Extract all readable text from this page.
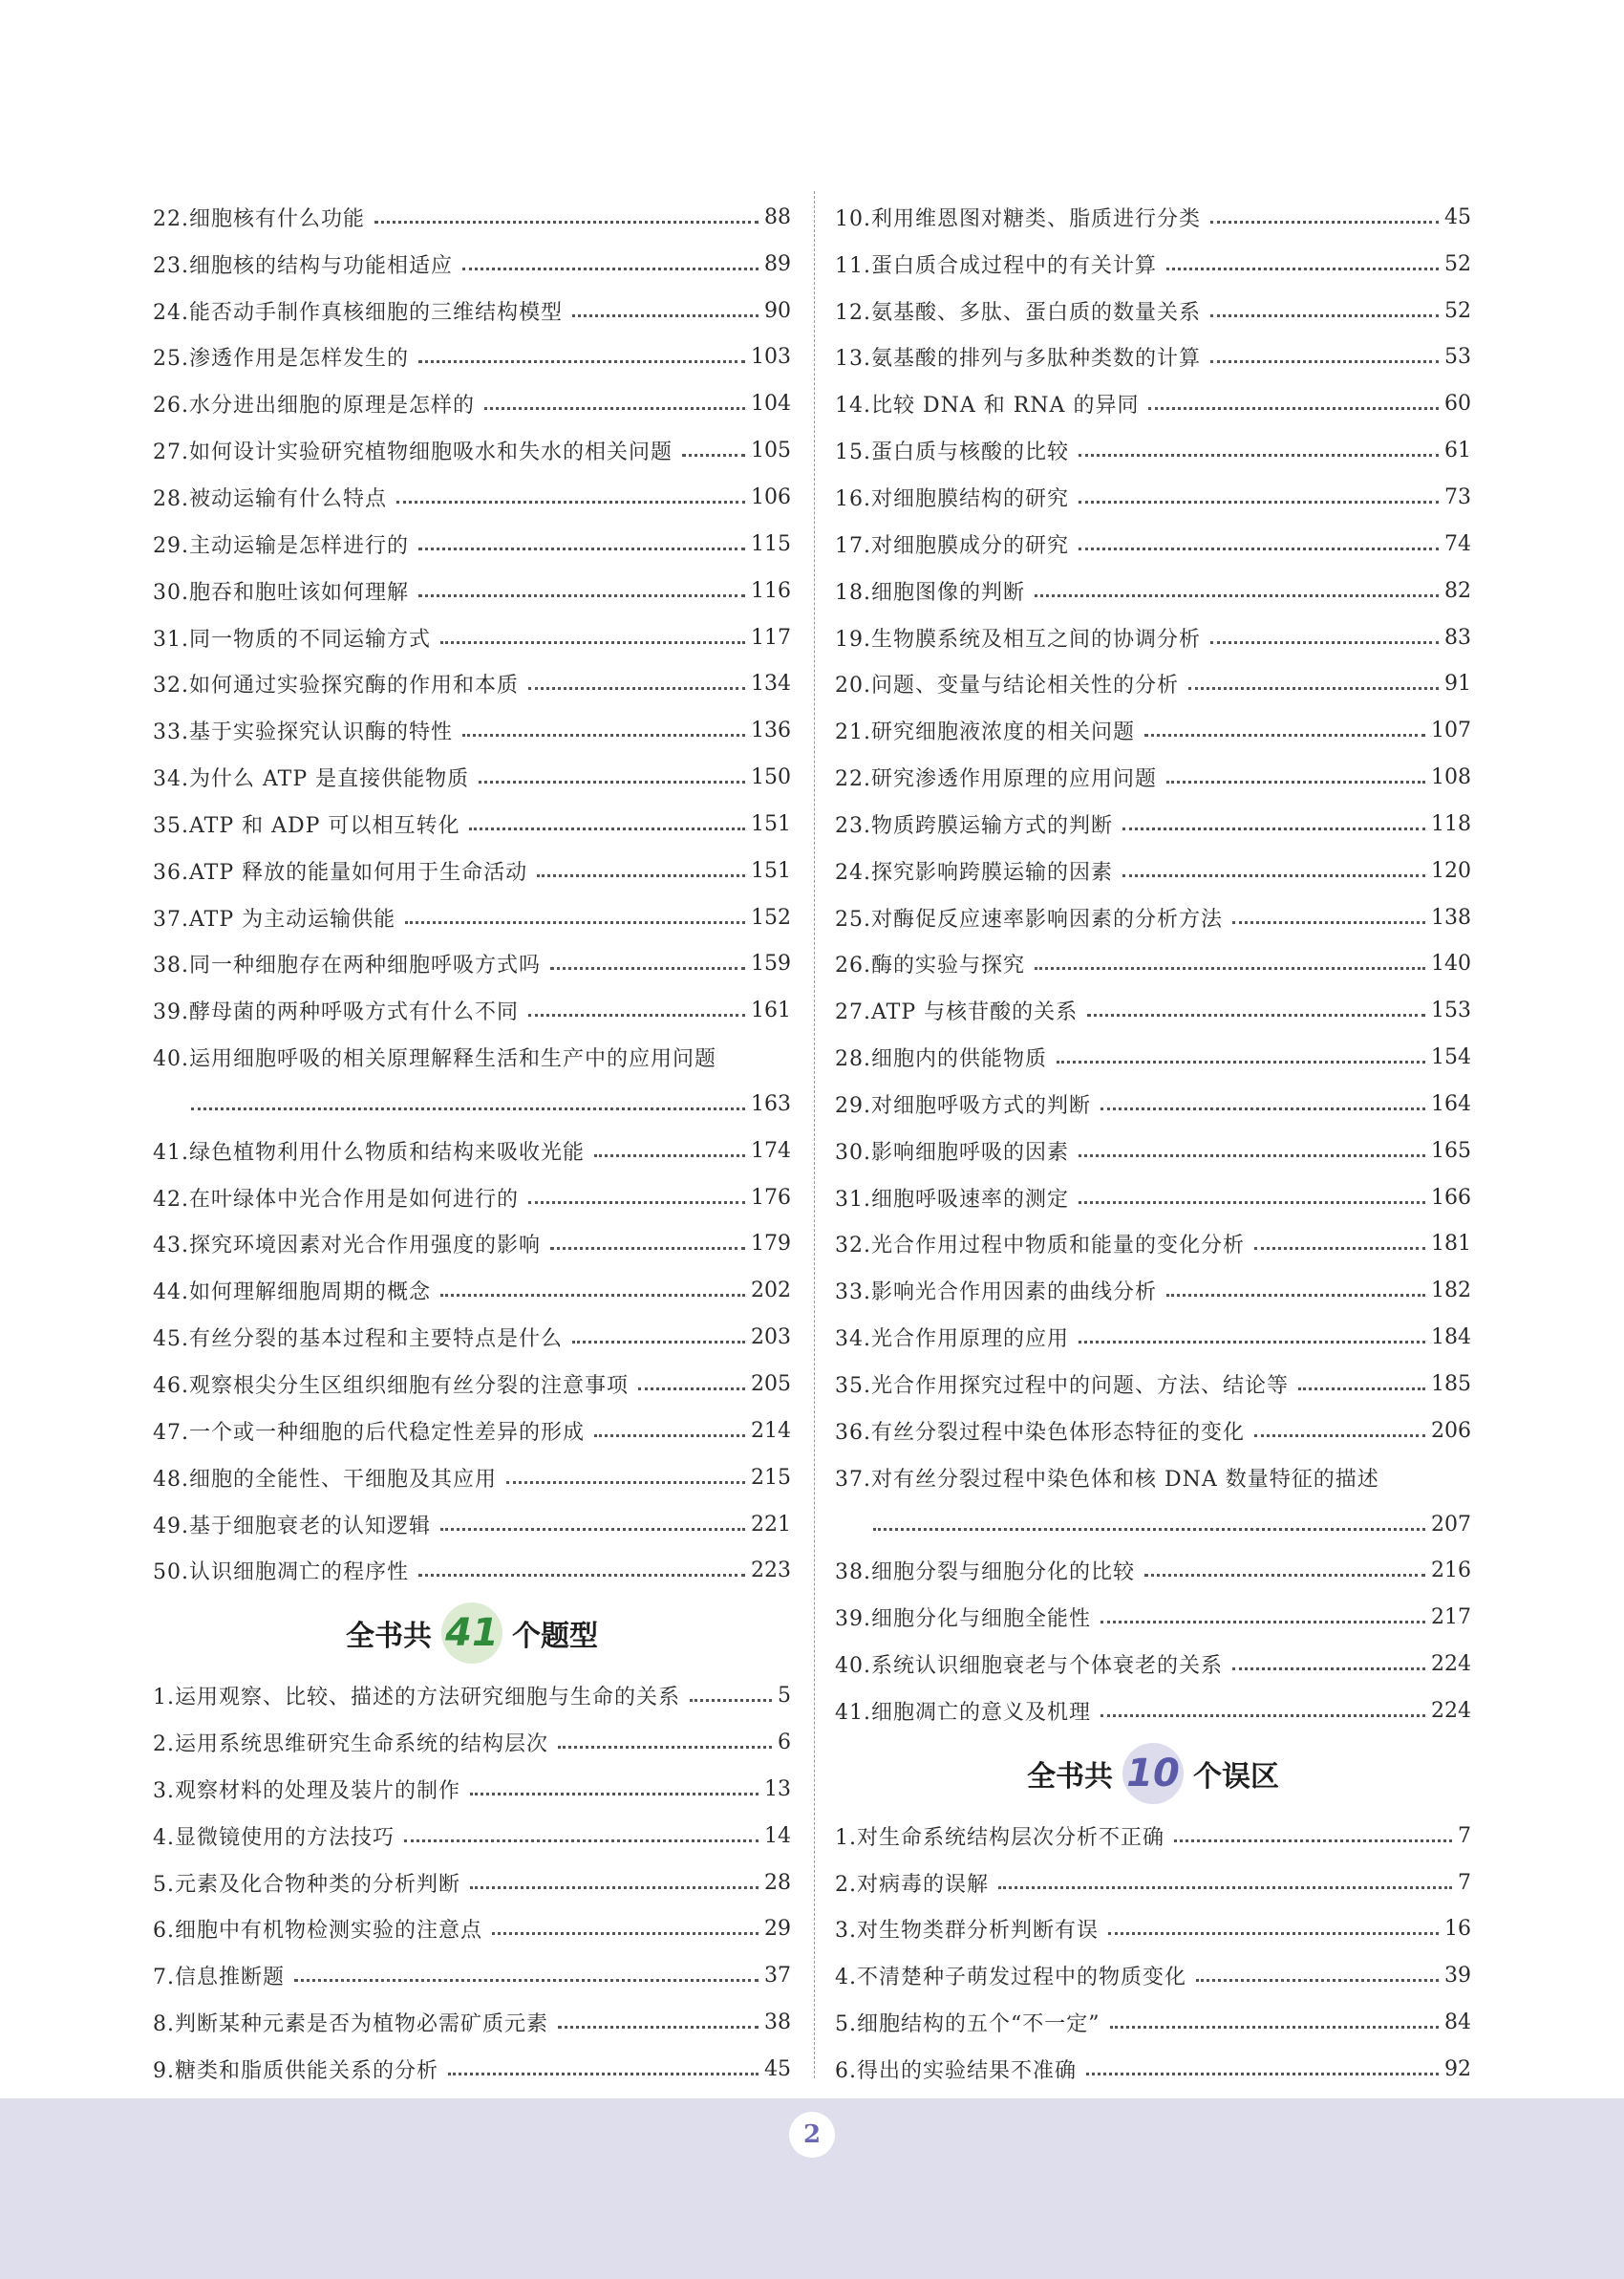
22.细胞核有什么功能	88
23.细胞核的结构与功能相适应	89
24.能否动手制作真核细胞的三维结构模型	90
25.渗透作用是怎样发生的	103
26.水分进出细胞的原理是怎样的	104
27.如何设计实验研究植物细胞吸水和失水的相关问题	105
28.被动运输有什么特点	106
29.主动运输是怎样进行的	115
30.胞吞和胞吐该如何理解	116
31.同一物质的不同运输方式	117
32.如何通过实验探究酶的作用和本质	134
33.基于实验探究认识酶的特性	136
34.为什么 ATP 是直接供能物质	150
35.ATP 和 ADP 可以相互转化	151
36.ATP 释放的能量如何用于生命活动	151
37.ATP 为主动运输供能	152
38.同一种细胞存在两种细胞呼吸方式吗	159
39.酵母菌的两种呼吸方式有什么不同	161
40.运用细胞呼吸的相关原理解释生活和生产中的应用问题
163
41.绿色植物利用什么物质和结构来吸收光能	174
42.在叶绿体中光合作用是如何进行的	176
43.探究环境因素对光合作用强度的影响	179
44.如何理解细胞周期的概念	202
45.有丝分裂的基本过程和主要特点是什么	203
46.观察根尖分生区组织细胞有丝分裂的注意事项	205
47.一个或一种细胞的后代稳定性差异的形成	214
48.细胞的全能性、干细胞及其应用	215
49.基于细胞衰老的认知逻辑	221
50.认识细胞凋亡的程序性	223
全书共 41 个题型
1.运用观察、比较、描述的方法研究细胞与生命的关系	5
2.运用系统思维研究生命系统的结构层次	6
3.观察材料的处理及装片的制作	13
4.显微镜使用的方法技巧	14
5.元素及化合物种类的分析判断	28
6.细胞中有机物检测实验的注意点	29
7.信息推断题	37
8.判断某种元素是否为植物必需矿质元素	38
9.糖类和脂质供能关系的分析	45
10.利用维恩图对糖类、脂质进行分类	45
11.蛋白质合成过程中的有关计算	52
12.氨基酸、多肽、蛋白质的数量关系	52
13.氨基酸的排列与多肽种类数的计算	53
14.比较 DNA 和 RNA 的异同	60
15.蛋白质与核酸的比较	61
16.对细胞膜结构的研究	73
17.对细胞膜成分的研究	74
18.细胞图像的判断	82
19.生物膜系统及相互之间的协调分析	83
20.问题、变量与结论相关性的分析	91
21.研究细胞液浓度的相关问题	107
22.研究渗透作用原理的应用问题	108
23.物质跨膜运输方式的判断	118
24.探究影响跨膜运输的因素	120
25.对酶促反应速率影响因素的分析方法	138
26.酶的实验与探究	140
27.ATP 与核苷酸的关系	153
28.细胞内的供能物质	154
29.对细胞呼吸方式的判断	164
30.影响细胞呼吸的因素	165
31.细胞呼吸速率的测定	166
32.光合作用过程中物质和能量的变化分析	181
33.影响光合作用因素的曲线分析	182
34.光合作用原理的应用	184
35.光合作用探究过程中的问题、方法、结论等	185
36.有丝分裂过程中染色体形态特征的变化	206
37.对有丝分裂过程中染色体和核 DNA 数量特征的描述
207
38.细胞分裂与细胞分化的比较	216
39.细胞分化与细胞全能性	217
40.系统认识细胞衰老与个体衰老的关系	224
41.细胞凋亡的意义及机理	224
全书共 10 个误区
1.对生命系统结构层次分析不正确	7
2.对病毒的误解	7
3.对生物类群分析判断有误	16
4.不清楚种子萌发过程中的物质变化	39
5.细胞结构的五个“不一定”	84
6.得出的实验结果不准确	92
2
